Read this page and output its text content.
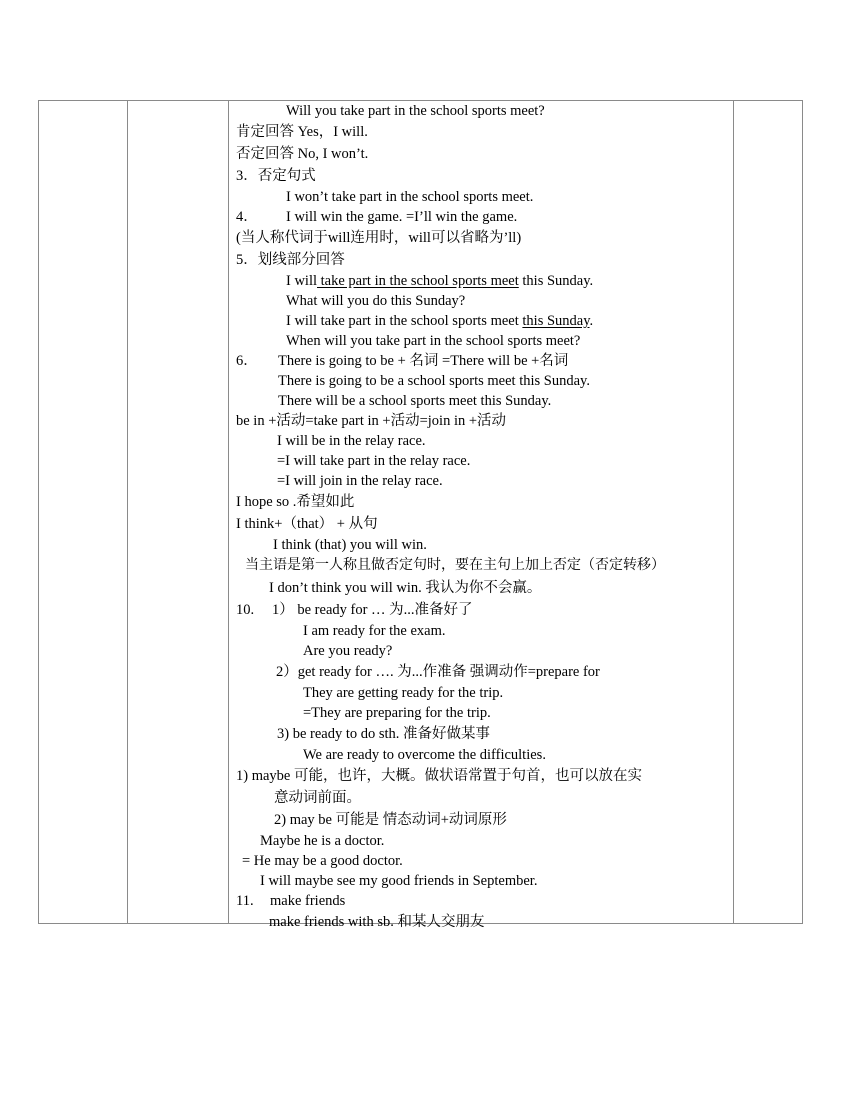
Will you take part in the school sports meet?
肯定回答 Yes，I will.
否定回答 No, I won’t.
3．否定句式
I won’t take part in the school sports meet.
4． I will win the game. =I’ll win the game.
(当人称代词于will连用时，will可以省略为’ll)
5．划线部分回答
I will take part in the school sports meet this Sunday.
What will you do this Sunday?
I will take part in the school sports meet this Sunday.
When will you take part in the school sports meet?
6． There is going to be + 名词 =There will be +名词
There is going to be a school sports meet this Sunday.
There will be a school sports meet this Sunday.
be in +活动=take part in +活动=join in +活动
I will be in the relay race.
=I will take part in the relay race.
=I will join in the relay race.
I hope so .希望如此
I think+（that） + 从句
I think (that) you will win.
当主语是第一人称且做否定句时，要在主句上加上否定（否定转移）
I don’t think you will win. 我认为你不会赢。
10. 1） be ready for … 为...准备好了
I am ready for the exam.
Are you ready?
2）get ready for …. 为...作准备 强调动作=prepare for
They are getting ready for the trip.
=They are preparing for the trip.
3) be ready to do sth. 准备好做某事
We are ready to overcome the difficulties.
1) maybe 可能，也许，大概。做状语常置于句首，也可以放在实
意动词前面。
2) may be 可能是 情态动词+动词原形
Maybe he is a doctor.
= He may be a good doctor.
I will maybe see my good friends in September.
11. make friends
make friends with sb. 和某人交朋友
